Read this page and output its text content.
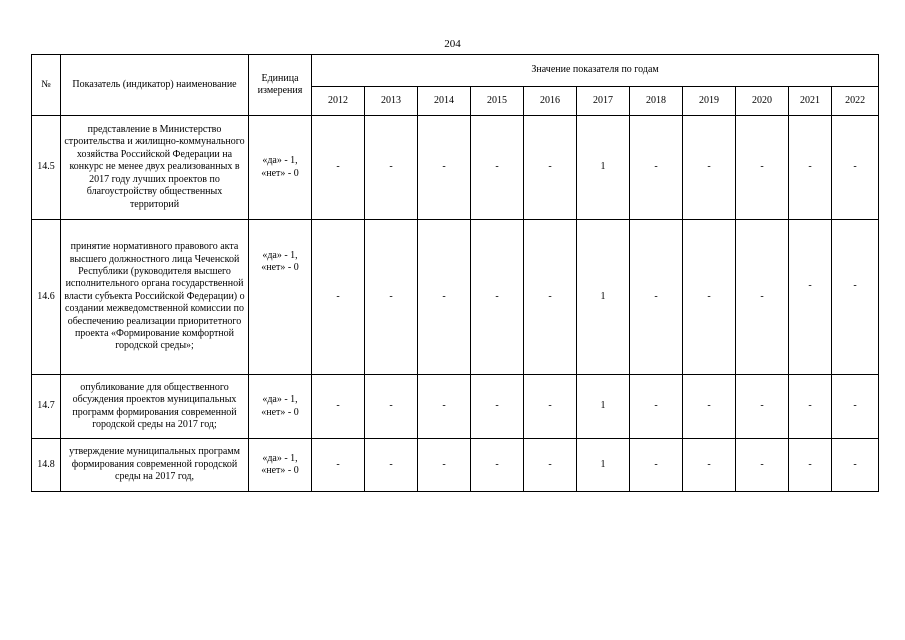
204
№	Показатель (индикатор) наименование	Единица измерения	Значение показателя по годам										
			2012	2013	2014	2015	2016	2017	2018	2019	2020	2021	2022
14.5	представление в Министерство строительства и жилищно-коммунального хозяйства Российской Федерации на конкурс не менее двух реализованных в 2017 году лучших проектов по благоустройству общественных территорий	«да» - 1, «нет» - 0	-	-	-	-	-	1	-	-	-	-	-
14.6	принятие нормативного правового акта высшего должностного лица Чеченской Республики (руководителя высшего исполнительного органа государственной власти субъекта Российской Федерации) о создании межведомственной комиссии по обеспечению реализации приоритетного проекта «Формирование комфортной городской среды»;	«да» - 1, «нет» - 0	-	-	-	-	-	1	-	-	-	-	-
14.7	опубликование для общественного обсуждения проектов муниципальных программ формирования современной городской среды на 2017 год;	«да» - 1, «нет» - 0	-	-	-	-	-	1	-	-	-	-	-
14.8	утверждение муниципальных программ формирования современной городской среды на 2017 год,	«да» - 1, «нет» - 0	-	-	-	-	-	1	-	-	-	-	-
